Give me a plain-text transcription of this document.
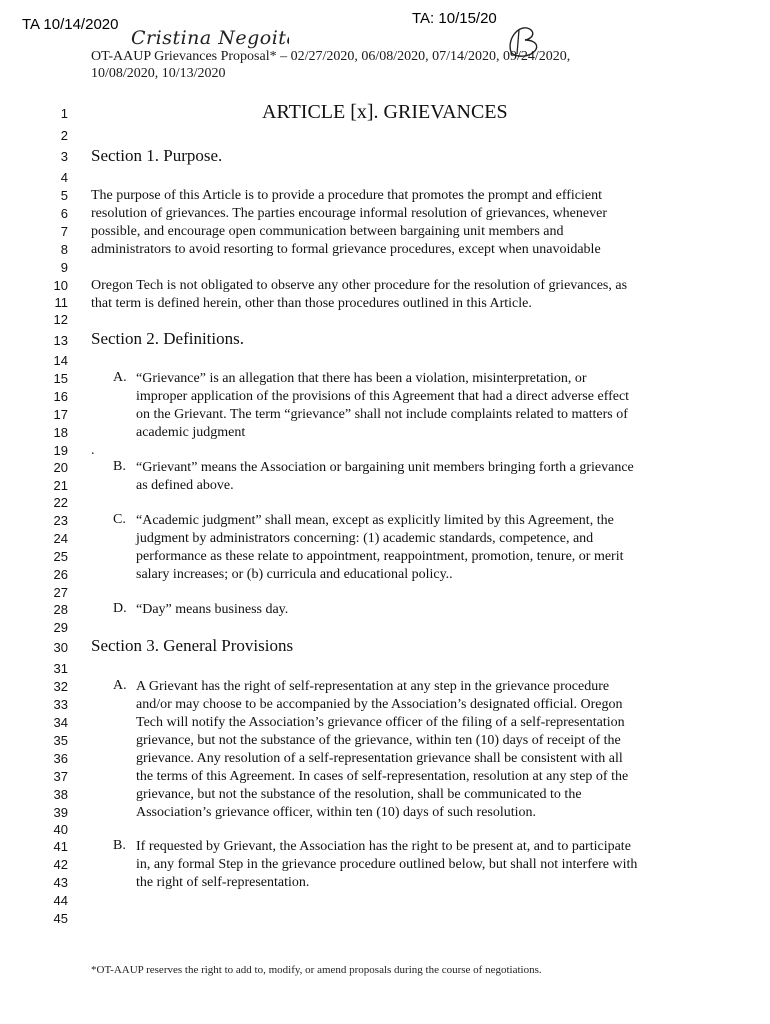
TA 10/14/2020
Cristina Negoita
TA: 10/15/20
OT-AAUP Grievances Proposal* – 02/27/2020, 06/08/2020, 07/14/2020, 09/24/2020,
10/08/2020, 10/13/2020
ARTICLE [x]. GRIEVANCES
1
2
3
4
5
6
7
8
9
10
11
12
13
14
15
16
17
18
19
20
21
22
23
24
25
26
27
28
29
30
31
32
33
34
35
36
37
38
39
40
41
42
43
44
45
Section 1. Purpose.
The purpose of this Article is to provide a procedure that promotes the prompt and efficient
resolution of grievances. The parties encourage informal resolution of grievances, whenever
possible, and encourage open communication between bargaining unit members and
administrators to avoid resorting to formal grievance procedures, except when unavoidable
Oregon Tech is not obligated to observe any other procedure for the resolution of grievances, as
that term is defined herein, other than those procedures outlined in this Article.
Section 2. Definitions.
A. “Grievance” is an allegation that there has been a violation, misinterpretation, or
improper application of the provisions of this Agreement that had a direct adverse effect
on the Grievant. The term “grievance” shall not include complaints related to matters of
academic judgment
.
B. “Grievant” means the Association or bargaining unit members bringing forth a grievance
as defined above.
C. “Academic judgment” shall mean, except as explicitly limited by this Agreement, the
judgment by administrators concerning: (1) academic standards, competence, and
performance as these relate to appointment, reappointment, promotion, tenure, or merit
salary increases; or (b) curricula and educational policy..
D. “Day” means business day.
Section 3. General Provisions
A. A Grievant has the right of self-representation at any step in the grievance procedure
and/or may choose to be accompanied by the Association’s designated official. Oregon
Tech will notify the Association’s grievance officer of the filing of a self-representation
grievance, but not the substance of the grievance, within ten (10) days of receipt of the
grievance. Any resolution of a self-representation grievance shall be consistent with all
the terms of this Agreement. In cases of self-representation, resolution at any step of the
grievance, but not the substance of the resolution, shall be communicated to the
Association’s grievance officer, within ten (10) days of such resolution.
B. If requested by Grievant, the Association has the right to be present at, and to participate
in, any formal Step in the grievance procedure outlined below, but shall not interfere with
the right of self-representation.
*OT-AAUP reserves the right to add to, modify, or amend proposals during the course of negotiations.
